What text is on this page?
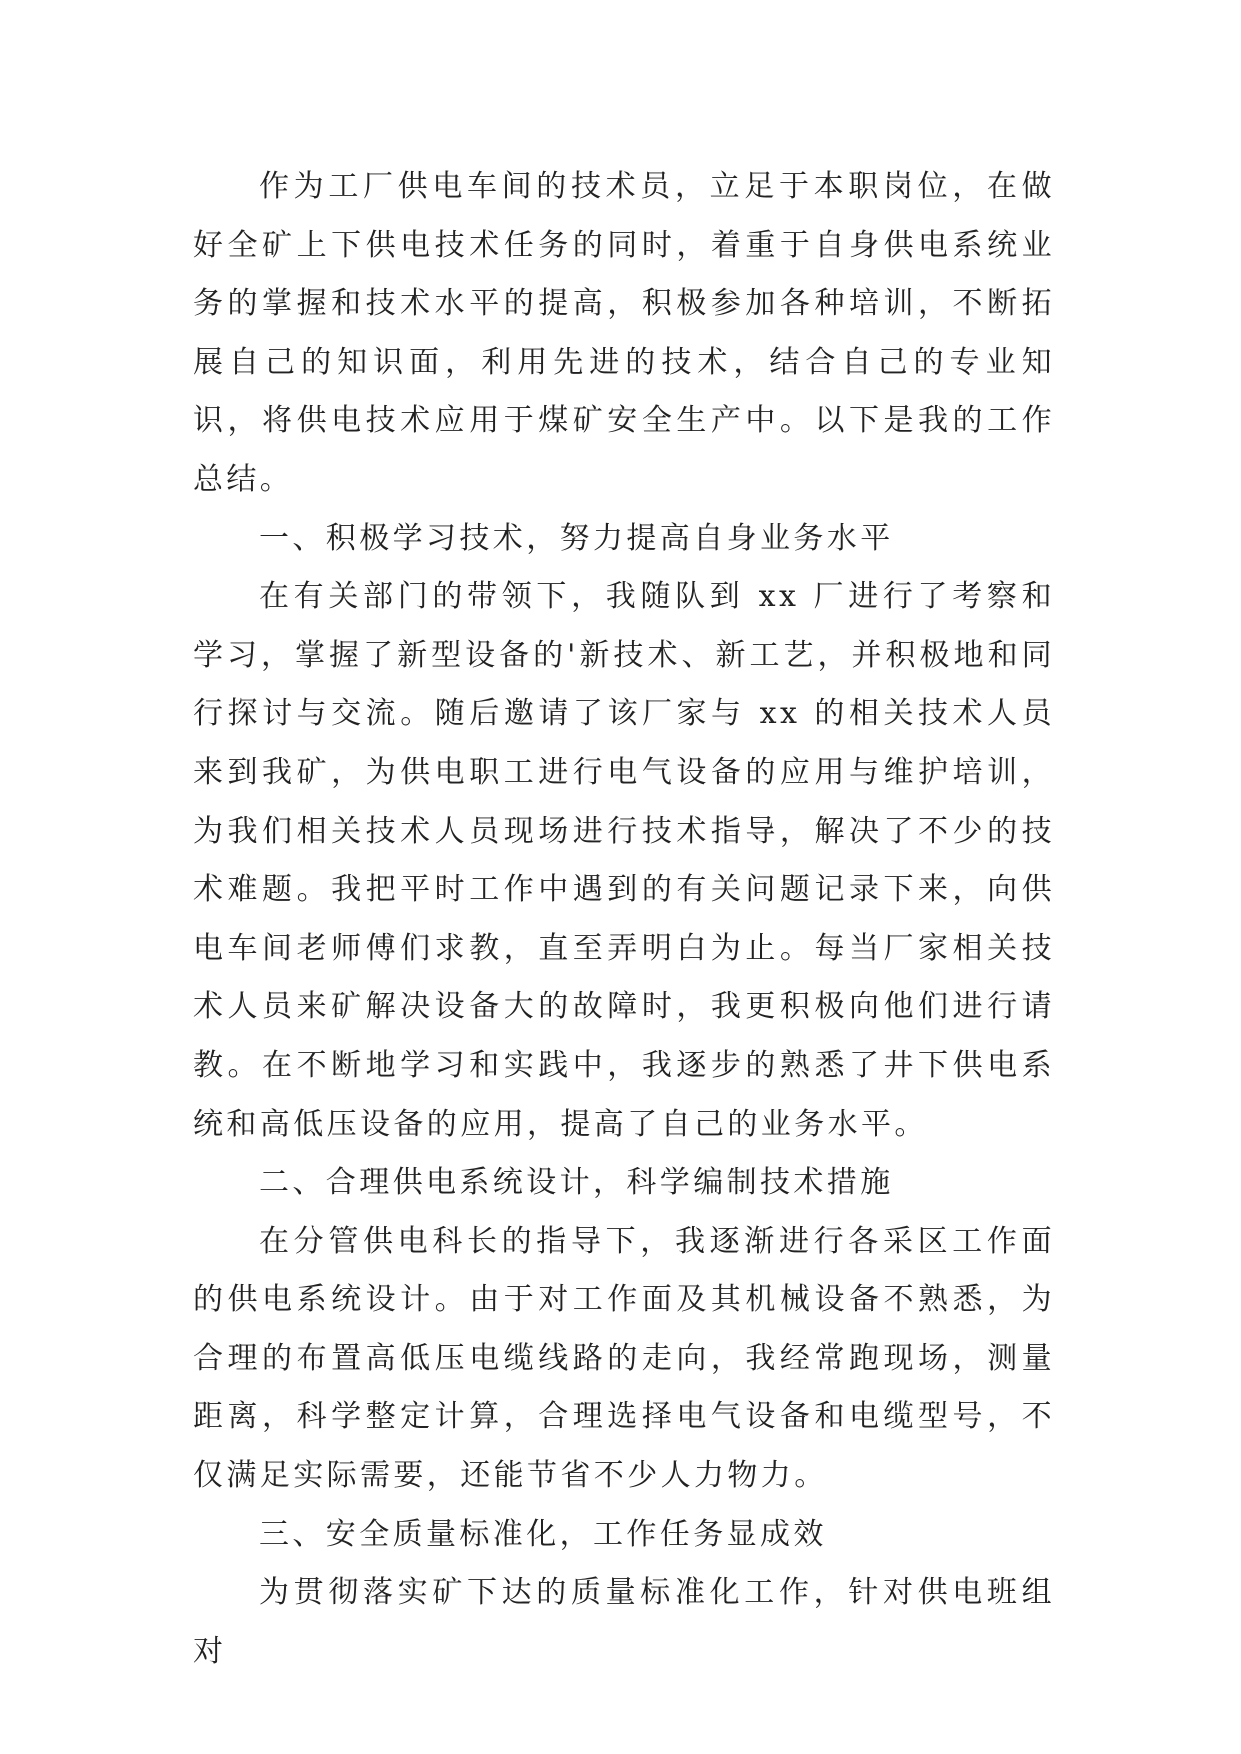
作为工厂供电车间的技术员，立足于本职岗位，在做好全矿上下供电技术任务的同时，着重于自身供电系统业务的掌握和技术水平的提高，积极参加各种培训，不断拓展自己的知识面，利用先进的技术，结合自己的专业知识，将供电技术应用于煤矿安全生产中。以下是我的工作总结。

一、积极学习技术，努力提高自身业务水平

在有关部门的带领下，我随队到 xx 厂进行了考察和学习，掌握了新型设备的'新技术、新工艺，并积极地和同行探讨与交流。随后邀请了该厂家与 xx 的相关技术人员来到我矿，为供电职工进行电气设备的应用与维护培训，为我们相关技术人员现场进行技术指导，解决了不少的技术难题。我把平时工作中遇到的有关问题记录下来，向供电车间老师傅们求教，直至弄明白为止。每当厂家相关技术人员来矿解决设备大的故障时，我更积极向他们进行请教。在不断地学习和实践中，我逐步的熟悉了井下供电系统和高低压设备的应用，提高了自己的业务水平。

二、合理供电系统设计，科学编制技术措施

在分管供电科长的指导下，我逐渐进行各采区工作面的供电系统设计。由于对工作面及其机械设备不熟悉，为合理的布置高低压电缆线路的走向，我经常跑现场，测量距离，科学整定计算，合理选择电气设备和电缆型号，不仅满足实际需要，还能节省不少人力物力。

三、安全质量标准化，工作任务显成效

为贯彻落实矿下达的质量标准化工作，针对供电班组对
